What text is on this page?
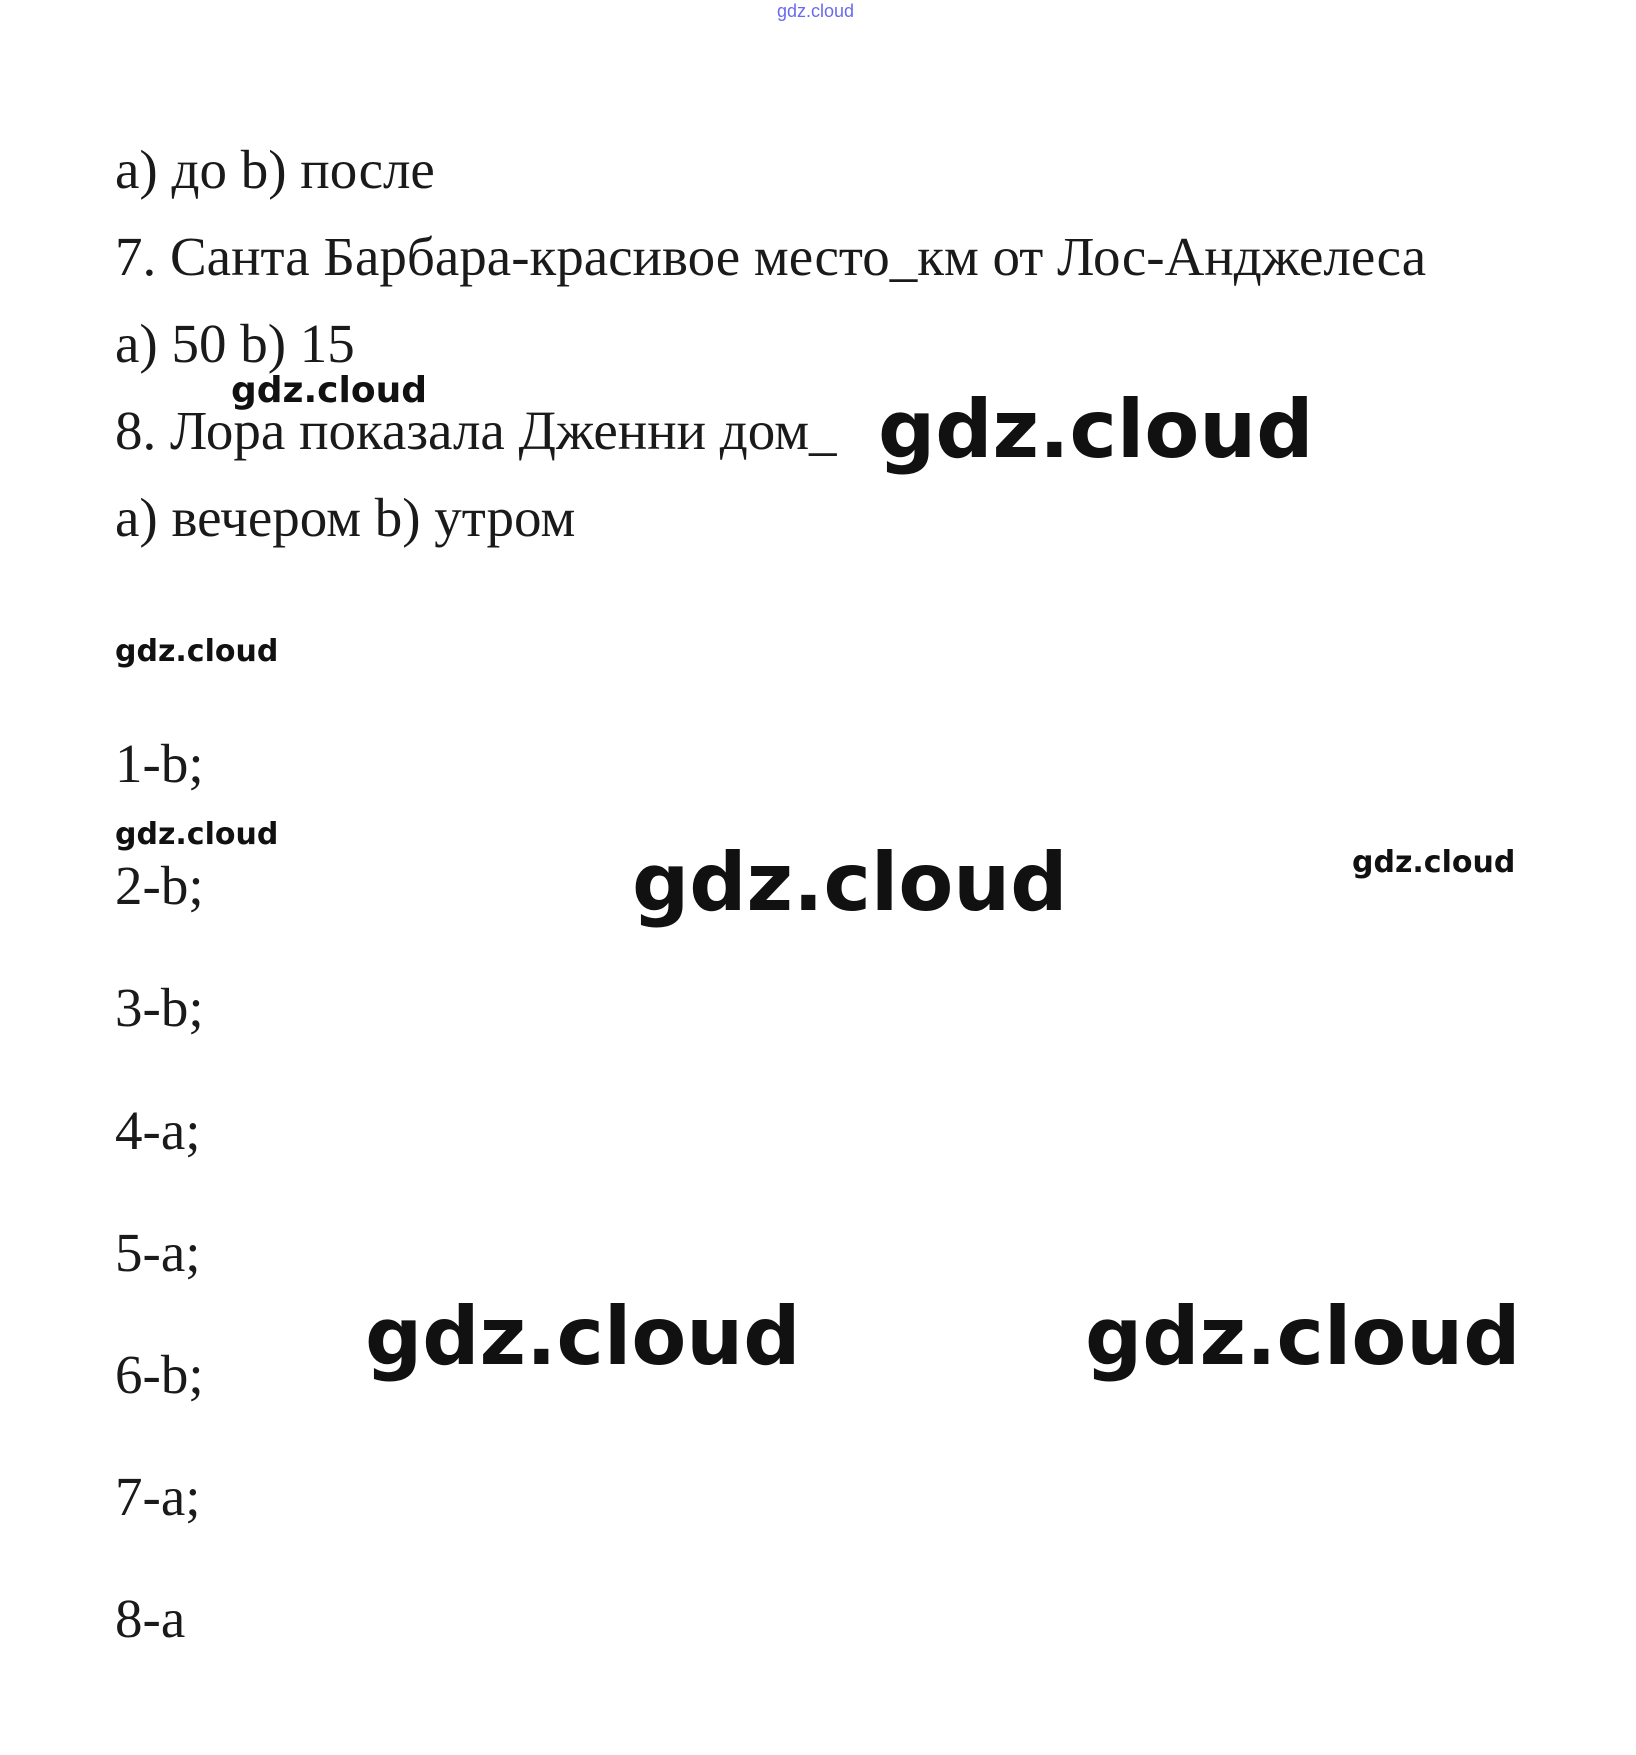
gdz.cloud

a) до b) после

7. Санта Барбара-красивое место_км от Лос-Анджелеса

a) 50 b) 15

8. Лора показала Дженни дом_

a) вечером b) утром

1-b;

2-b;

3-b;

4-a;

5-a;

6-b;

7-a;

8-a

gdz.cloud	gdz.cloud
gdz.cloud
gdz.cloud
gdz.cloud	gdz.cloud
gdz.cloud	gdz.cloud
